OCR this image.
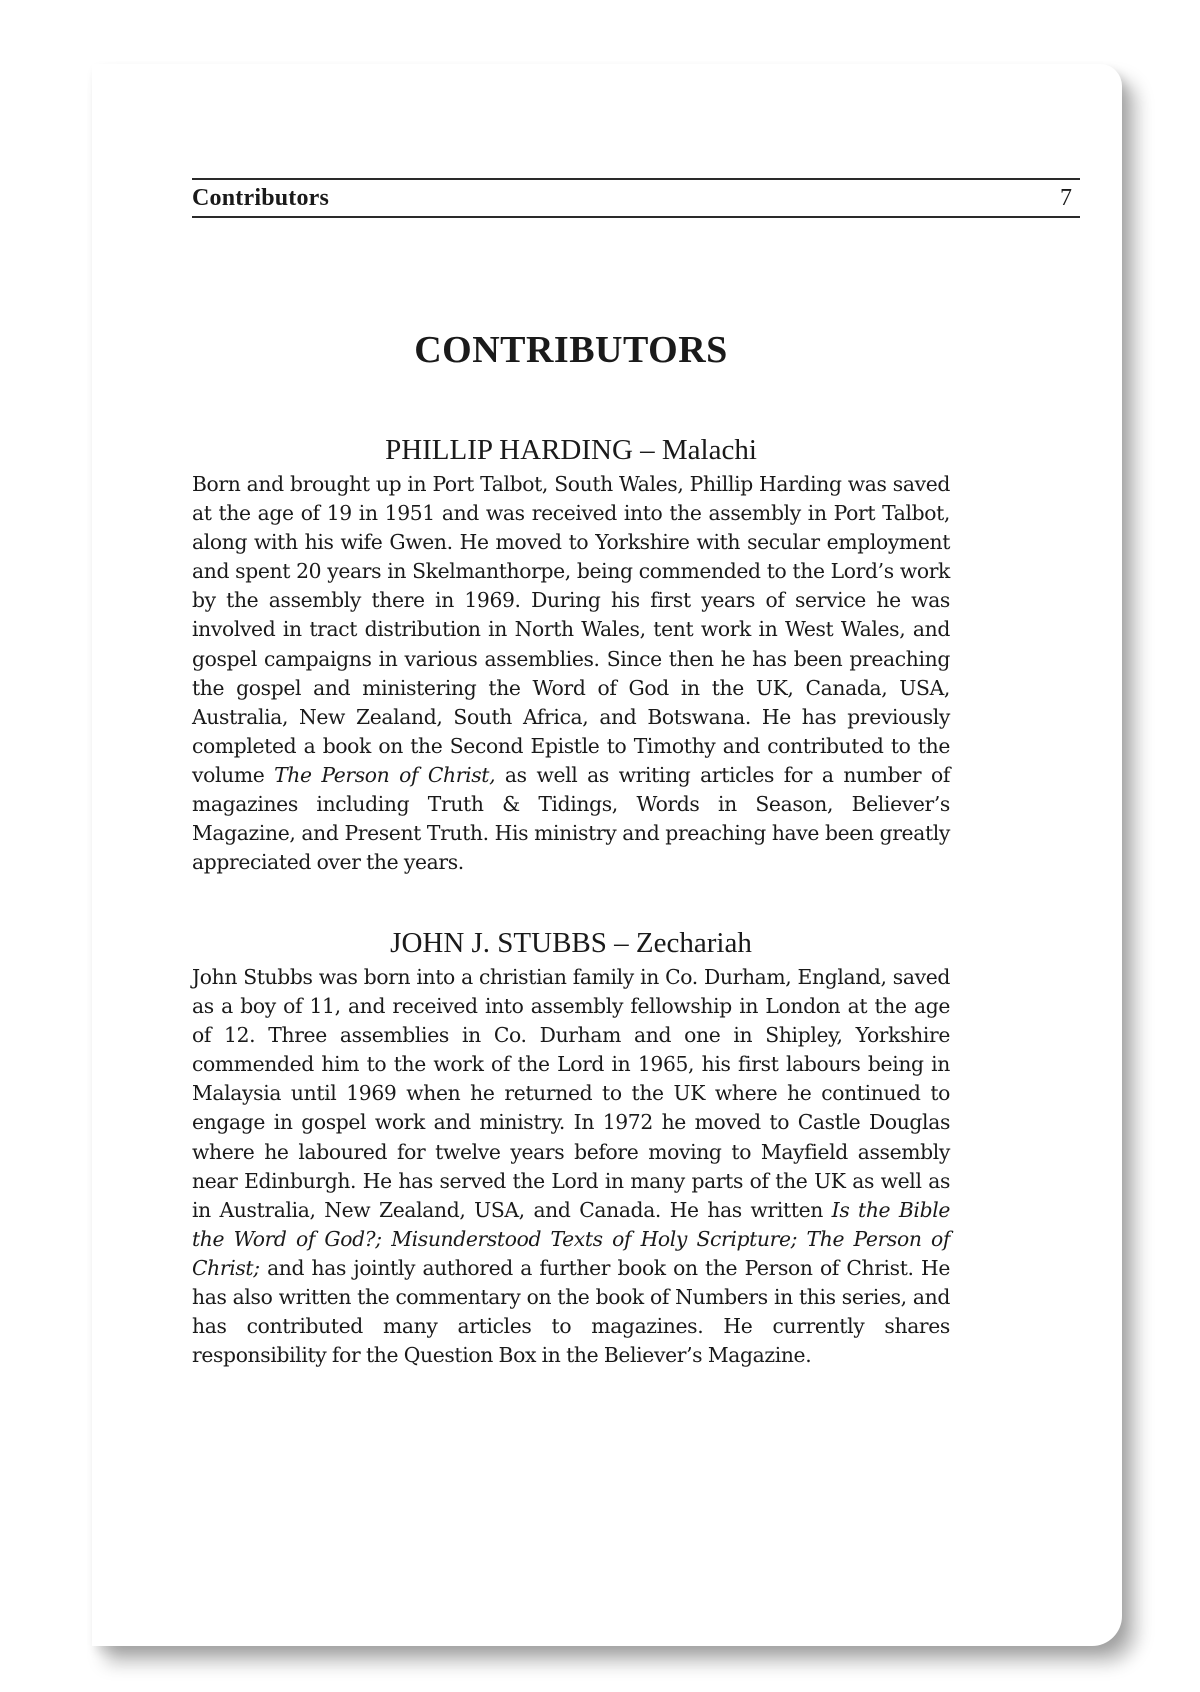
Contributors	7
CONTRIBUTORS
PHILLIP HARDING – Malachi

Born and brought up in Port Talbot, South Wales, Phillip Harding was saved at the age of 19 in 1951 and was received into the assembly in Port Talbot, along with his wife Gwen. He moved to Yorkshire with secular employment and spent 20 years in Skelmanthorpe, being commended to the Lord’s work by the assembly there in 1969. During his first years of service he was involved in tract distribution in North Wales, tent work in West Wales, and gospel campaigns in various assemblies. Since then he has been preaching the gospel and ministering the Word of God in the UK, Canada, USA, Australia, New Zealand, South Africa, and Botswana. He has previously completed a book on the Second Epistle to Timothy and contributed to the volume The Person of Christ, as well as writing articles for a number of magazines including Truth & Tidings, Words in Season, Believer’s Magazine, and Present Truth. His ministry and preaching have been greatly appreciated over the years.

JOHN J. STUBBS – Zechariah

John Stubbs was born into a christian family in Co. Durham, England, saved as a boy of 11, and received into assembly fellowship in London at the age of 12. Three assemblies in Co. Durham and one in Shipley, Yorkshire commended him to the work of the Lord in 1965, his first labours being in Malaysia until 1969 when he returned to the UK where he continued to engage in gospel work and ministry. In 1972 he moved to Castle Douglas where he laboured for twelve years before moving to Mayfield assembly near Edinburgh. He has served the Lord in many parts of the UK as well as in Australia, New Zealand, USA, and Canada. He has written Is the Bible the Word of God?; Misunderstood Texts of Holy Scripture; The Person of Christ; and has jointly authored a further book on the Person of Christ. He has also written the commentary on the book of Numbers in this series, and has contributed many articles to magazines. He currently shares responsibility for the Question Box in the Believer’s Magazine.
